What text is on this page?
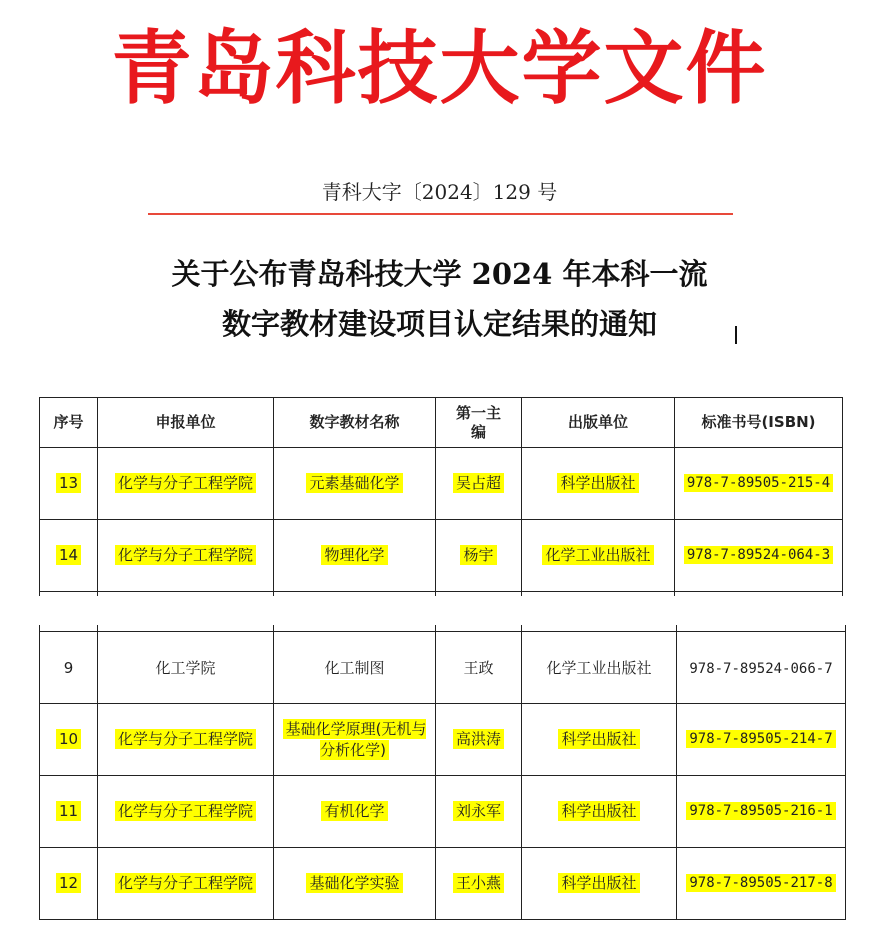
青岛科技大学文件
青科大字〔2024〕129 号
关于公布青岛科技大学 2024 年本科一流
数字教材建设项目认定结果的通知
序号	申报单位	数字教材名称	第一主编	出版单位	标准书号(ISBN)
13	化学与分子工程学院	元素基础化学	吴占超	科学出版社	978-7-89505-215-4
14	化学与分子工程学院	物理化学	杨宇	化学工业出版社	978-7-89524-064-3

9	化工学院	化工制图	王政	化学工业出版社	978-7-89524-066-7
10	化学与分子工程学院	基础化学原理(无机与分析化学)	高洪涛	科学出版社	978-7-89505-214-7
11	化学与分子工程学院	有机化学	刘永军	科学出版社	978-7-89505-216-1
12	化学与分子工程学院	基础化学实验	王小燕	科学出版社	978-7-89505-217-8
